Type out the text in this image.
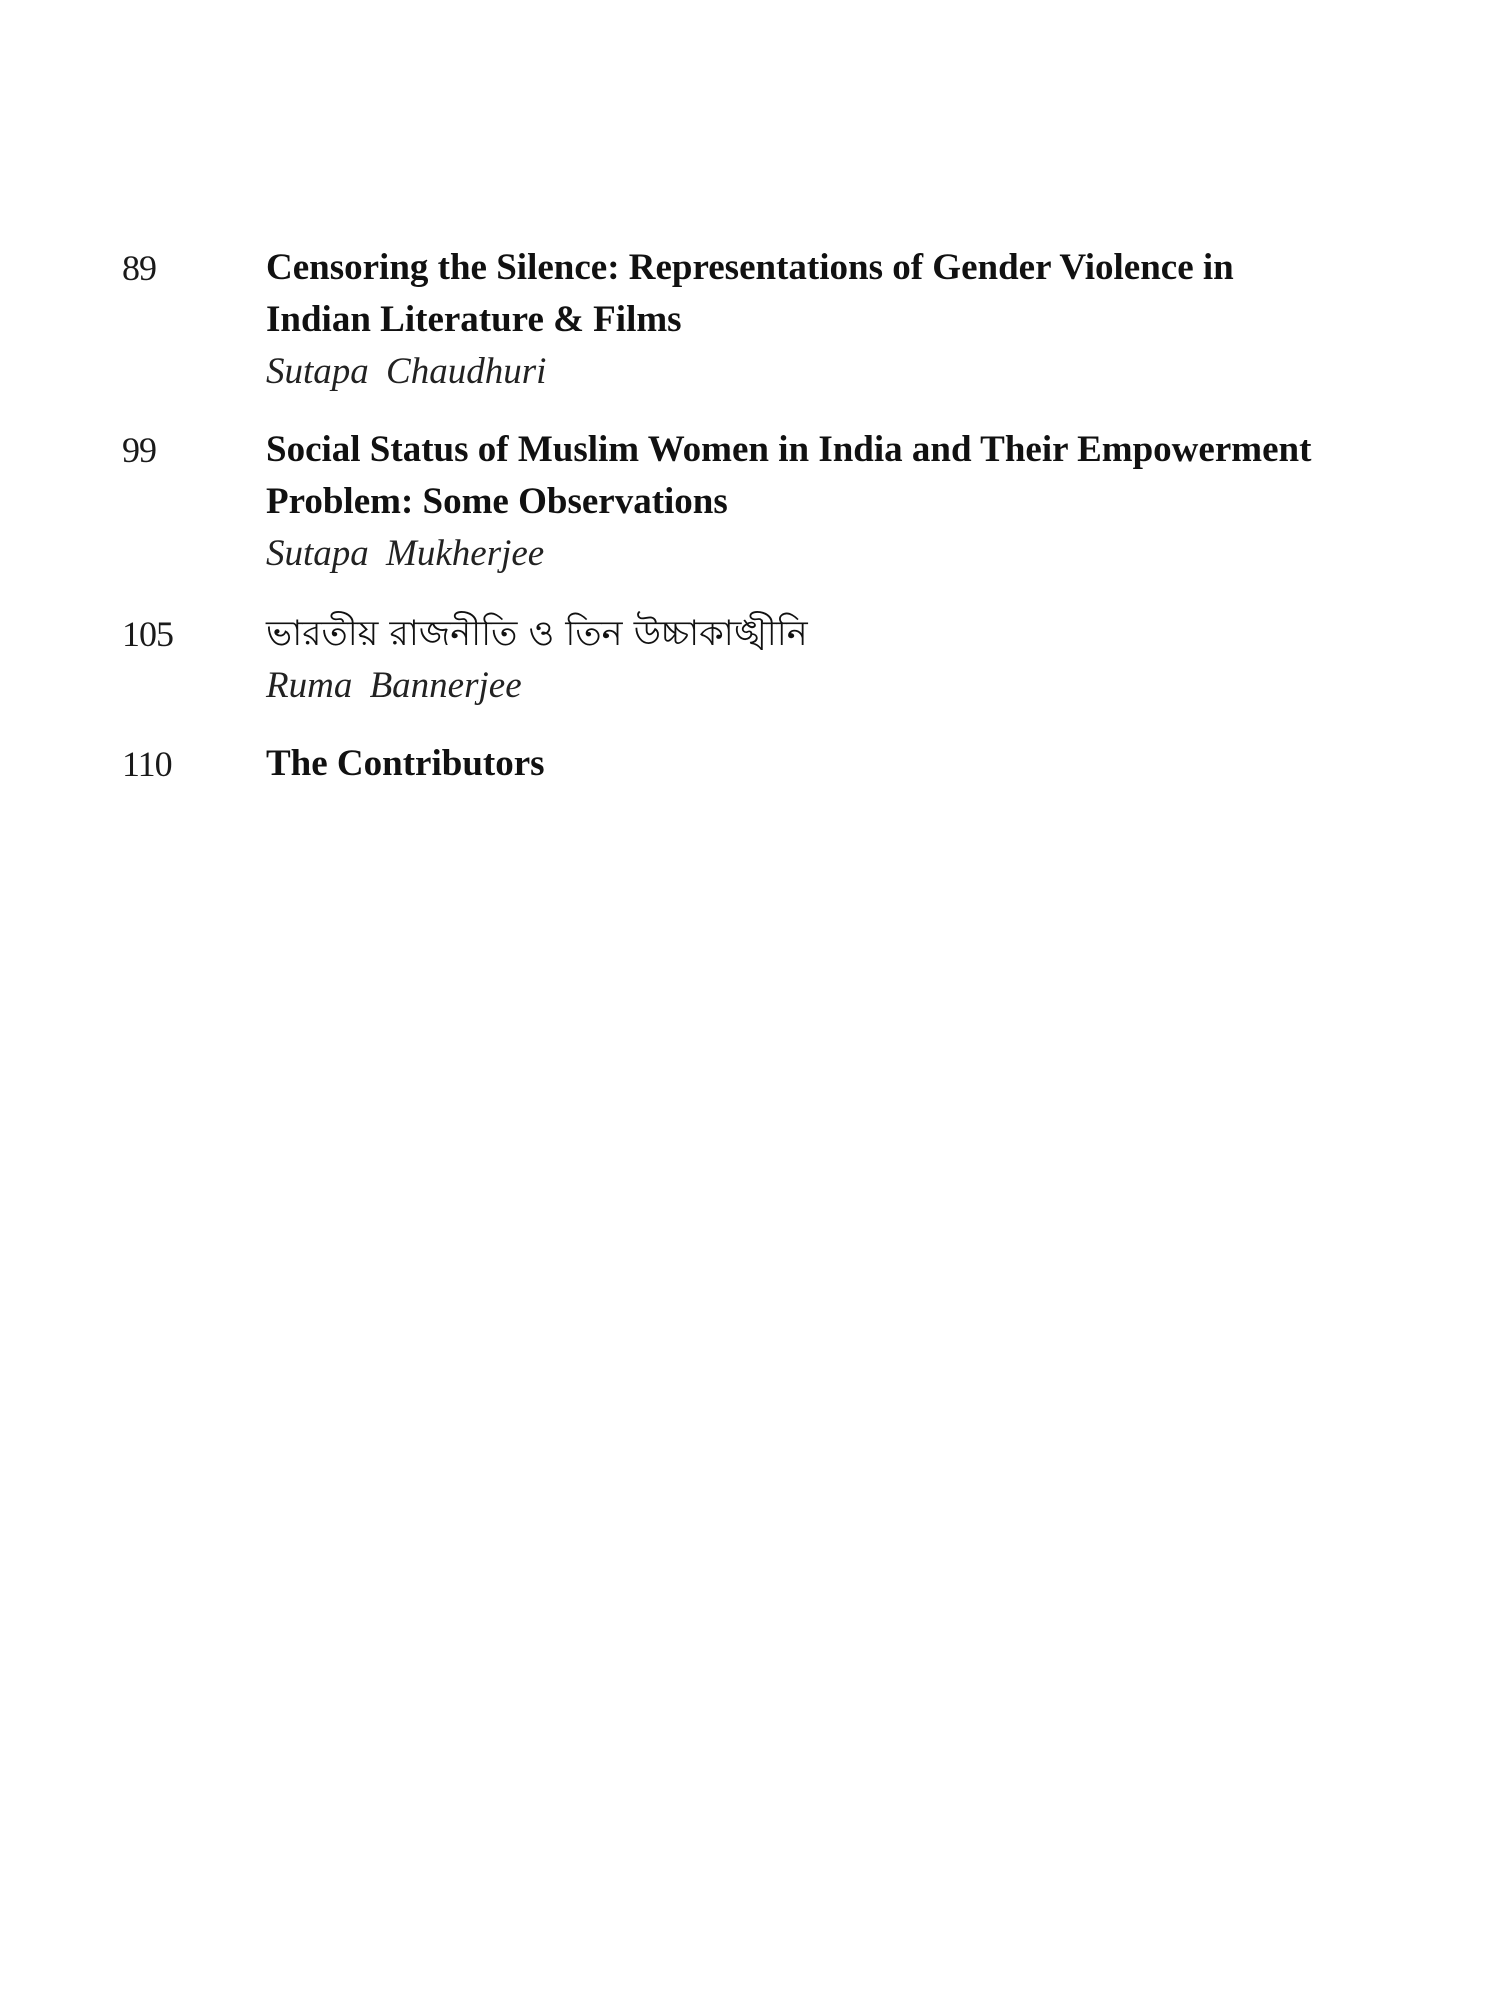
89	Censoring the Silence: Representations of Gender Violence in
Indian Literature & Films

Sutapa Chaudhuri

99	Social Status of Muslim Women in India and Their Empowerment
Problem: Some Observations

Sutapa Mukherjee

105	ভারতীয় রাজনীতি ও তিন উচ্চাকাঙ্খীনি

Ruma Bannerjee

110	The Contributors
